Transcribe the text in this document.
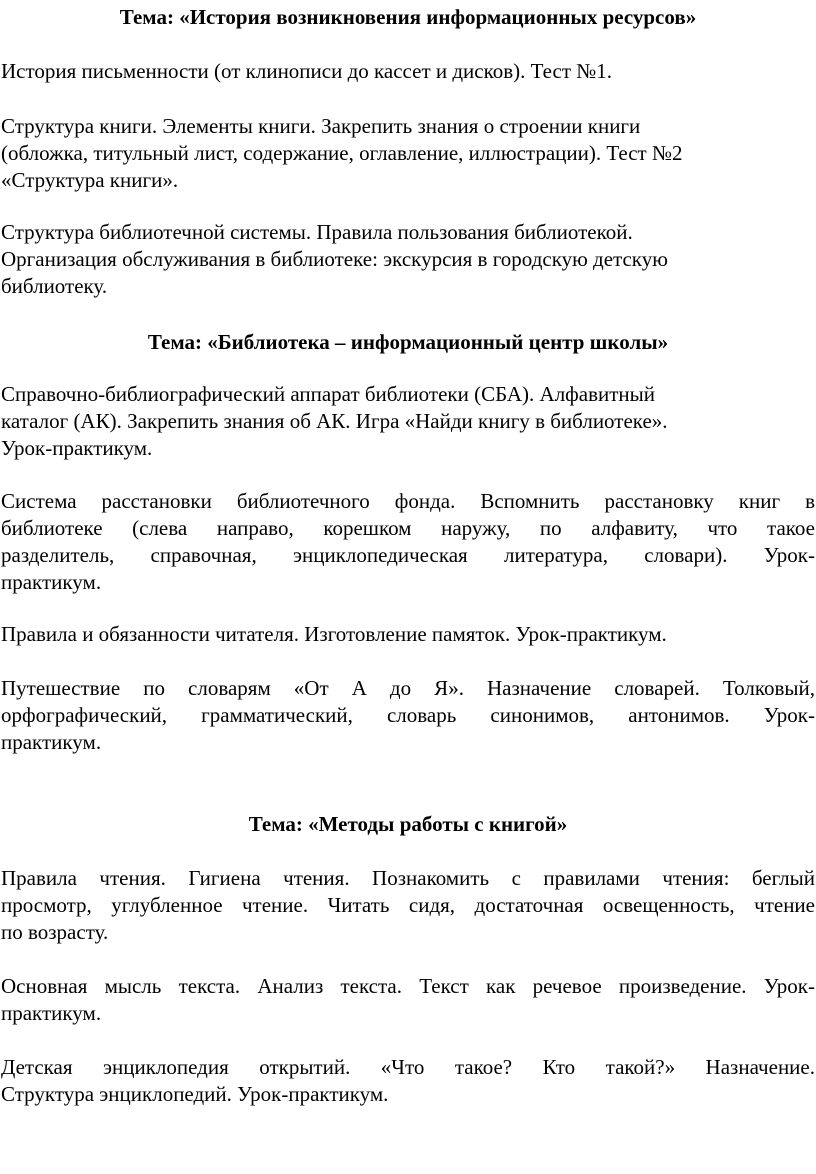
Тема: «История возникновения информационных ресурсов»
История письменности (от клинописи до кассет и дисков). Тест №1.
Структура книги. Элементы книги. Закрепить знания о строении книги
(обложка, титульный лист, содержание, оглавление, иллюстрации). Тест №2
«Структура книги».
Структура библиотечной системы. Правила пользования библиотекой.
Организация обслуживания в библиотеке: экскурсия в городскую детскую
библиотеку.
Тема: «Библиотека – информационный центр школы»
Справочно-библиографический аппарат библиотеки (СБА). Алфавитный
каталог (АК). Закрепить знания об АК. Игра «Найди книгу в библиотеке».
Урок-практикум.
Система расстановки библиотечного фонда. Вспомнить расстановку книг в
библиотеке (слева направо, корешком наружу, по алфавиту, что такое
разделитель, справочная, энциклопедическая литература, словари). Урок-
практикум.
Правила и обязанности читателя. Изготовление памяток. Урок-практикум.
Путешествие по словарям «От А до Я». Назначение словарей. Толковый,
орфографический, грамматический, словарь синонимов, антонимов. Урок-
практикум.
Тема: «Методы работы с книгой»
Правила чтения. Гигиена чтения. Познакомить с правилами чтения: беглый
просмотр, углубленное чтение. Читать сидя, достаточная освещенность, чтение
по возрасту.
Основная мысль текста. Анализ текста. Текст как речевое произведение. Урок-
практикум.
Детская энциклопедия открытий. «Что такое? Кто такой?» Назначение.
Структура энциклопедий. Урок-практикум.
